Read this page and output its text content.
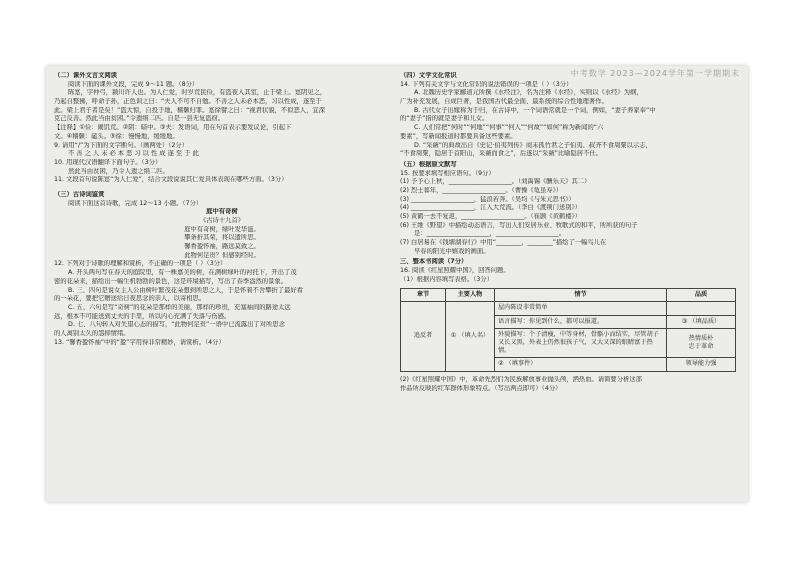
中考数学 2023—2024学年第一学期期末
（二）课外文言文阅读
阅读下面的课外文段，完成 9～11 题。（8分）
陈寔，字仲弓，颍川许人也。为人仁爱，时岁荒民俭，有盗夜入其室，止于梁上。寔阴见之，
乃起自整拂，呼命子孙，正色训之曰：“夫人不可不自勉。不善之人未必本恶，习以性成，遂至于
此。梁上君子者是矣！”盗大惊，自投于地，稽颡归罪。寔徐譬之曰：“视君状貌，不似恶人，宜深
克己反善。然此当由贫困。”令遗绢二匹。自是一县无复盗窃。
【注释】①俭：闹饥荒。②阴：暗中。③夫：发语词，用在句首表示要发议论，引起下
文。④稽颡：磕头。⑤徐：慢慢地，缓缓地。
9. 请用“/”为下面的文字断句。（画两处）（2分）
不 善 之 人 未 必 本 恶 习 以 性 成 遂 至 于 此
10. 用现代汉语翻译下面句子。（3分）
然此当由贫困，乃令人遗之绢二匹。
11. 文段首句说陈寔“为人仁爱”，结合文段说说其仁爱具体表现在哪些方面。（3分）
（三）古诗词鉴赏
阅读下面这首诗歌，完成 12～13 小题。（7分）
庭中有奇树
《古诗十九首》
庭中有奇树，绿叶发华滋。
攀条折其荣，将以遗所思。
馨香盈怀袖，路远莫致之。
此物何足贵？但感别经时。
12. 下列对于诗歌的理解和赏析，不正确的一项是（ ）（3分）
A. 开头两句写在春天的庭院里，有一株嘉美的树，在满树绿叶的衬托下，开出了茂
密的花朵来，描绘出一幅生机勃勃的景色，这是环境描写，写出了春季盎然的景象。
B. 三、四句是说女主人公由树叶繁茂花朵想到所思之人，于是怀着不舍攀折了最好看
的一朵花，要把它赠送给日夜思念的亲人，以寄相思。
C. 五、六句是写“奇树”的花朵是那样的美丽，那样的珍贵，充塞袖间的路途太远
远，根本不可能送到丈夫的手里，所以内心充满了失落与伤感。
D. 七、八句转入对失望心态的描写，“此物何足贵”一语中已流露出了对所思念
的人离别太久的怨抑情绪。
13. “馨香盈怀袖”中的“盈”字用得非常精妙，请赏析。（4分）
（四）文学文化常识
14. 下列有关文学与文化常识的说法错误的一项是（ ）（3分）
A. 北魏历史学家郦道元所撰《水经注》，名为注释《水经》，实则以《水经》为纲，
广为补充发展，自成巨著，是我国古代最全面、最系统的综合性地理著作。
B. 古代女子出嫁称为于归，在古诗中，一个词语常就是一个词，例如，“妻子养家奉”中
的“妻子”指的就是妻子和儿女。
C. 人们常把“何时”“何地”“何事”“何人”“何故”“如何”称为新闻的“六
要素”，写新闻报道时都要具备这些要素。
D. “采薇”的典故出自《史记·伯夷列传》商末孤竹君之子伯夷、叔齐不食周粟以示志，
“不食周粟，隐居于首阳山，采薇而食之”，后遂以“采薇”比喻隐居不仕。
（五）根据原文默写
15. 按要求填写相应语句。（9分）
(1) 予予心上秋，____________________。（刘禹锡《酬乐天》其二）
(2) 烈士暮年，____________________。（曹操《龟虽寿》）
(3) ____________________，猛浪若奔。（吴均《与朱元思书》）
(4) ____________________，江入大荒流。（李白《渡荆门送别》）
(5) 黄鹤一去不复返，____________________。（崔颢《黄鹤楼》）
(6) 王维《野望》中描绘动态语言，写出人们安居乐业、牧歌式的和平，所所获的句子
是：____________________，____________________。
(7) 白居易在《钱塘湖春行》中用“________，________”描绘了一幅鸟儿在
早春的阳光中嬉戏的画面。
三、整本书阅读（7分）
16. 阅读《红星照耀中国》，回答问题。
（1）根据内容填写表格。（3分）
章节	主要人物	情节	品质
追反者	① （填人名）	屋内陈设非常简单	
		语言描写：你见到什么，都可以报道。	③ （填品质）
		外貌描写：个子清瘦，中等身材，骨骼小而结实，尽管胡子又长又黑，外表上仍然很孩子气，又大又深的眼睛富于热情。	热情质朴
忠于革命
		② （填事件）	领导能力强
(2)《红星照耀中国》中，革命先烈们为民族解放事业抛头颅，洒热血。请简要分析这部
作品所反映的红军群体形象特点。（写出两点即可）（4分）
